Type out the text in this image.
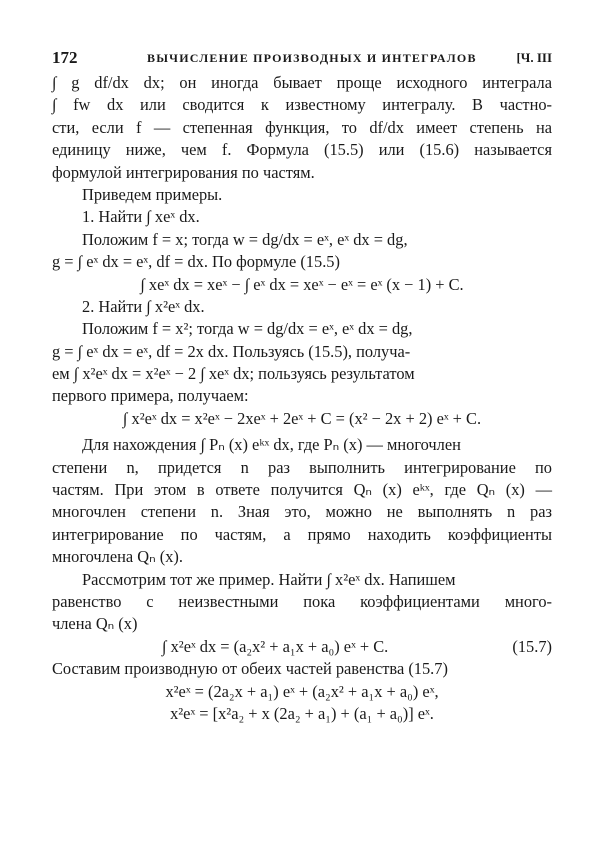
172	ВЫЧИСЛЕНИЕ ПРОИЗВОДНЫХ И ИНТЕГРАЛОВ	[Ч. III
∫ g df/dx dx; он иногда бывает проще исходного интеграла
∫ fw dx или сводится к известному интегралу. В частно-
сти, если f — степенная функция, то df/dx имеет степень на
единицу ниже, чем f. Формула (15.5) или (15.6) называется
формулой интегрирования по частям.
Приведем примеры.
1. Найти ∫ xeˣ dx.
Положим f = x; тогда w = dg/dx = eˣ, eˣ dx = dg,
g = ∫ eˣ dx = eˣ, df = dx. По формуле (15.5)
∫ xeˣ dx = xeˣ − ∫ eˣ dx = xeˣ − eˣ = eˣ (x − 1) + C.
2. Найти ∫ x²eˣ dx.
Положим f = x²; тогда w = dg/dx = eˣ, eˣ dx = dg,
g = ∫ eˣ dx = eˣ, df = 2x dx. Пользуясь (15.5), получа-
ем ∫ x²eˣ dx = x²eˣ − 2 ∫ xeˣ dx; пользуясь результатом
первого примера, получаем:
∫ x²eˣ dx = x²eˣ − 2xeˣ + 2eˣ + C = (x² − 2x + 2) eˣ + C.
Для нахождения ∫ Pₙ (x) eᵏˣ dx, где Pₙ (x) — многочлен
степени n, придется n раз выполнить интегрирование по
частям. При этом в ответе получится Qₙ (x) eᵏˣ, где Qₙ (x) —
многочлен степени n. Зная это, можно не выполнять n раз
интегрирование по частям, а прямо находить коэффициенты
многочлена Qₙ (x).
Рассмотрим тот же пример. Найти ∫ x²eˣ dx. Напишем
равенство с неизвестными пока коэффициентами много-
члена Qₙ (x)
∫ x²eˣ dx = (a₂x² + a₁x + a₀) eˣ + C.	(15.7)
Составим производную от обеих частей равенства (15.7)
x²eˣ = (2a₂x + a₁) eˣ + (a₂x² + a₁x + a₀) eˣ,
x²eˣ = [x²a₂ + x (2a₂ + a₁) + (a₁ + a₀)] eˣ.
